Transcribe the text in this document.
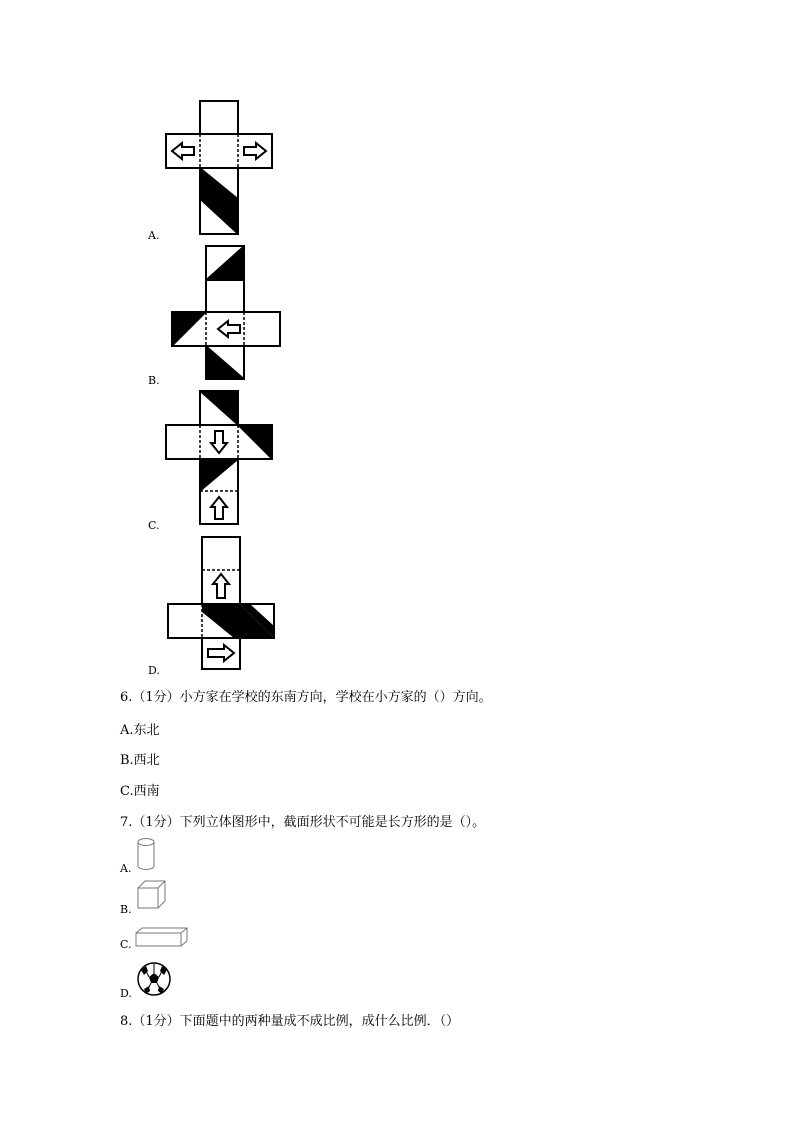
A.
B.
C.
D.
6.（1分）小方家在学校的东南方向，学校在小方家的（）方向。
A.东北
B.西北
C.西南
7.（1分）下列立体图形中，截面形状不可能是长方形的是（）。
A.
B.
C.
D.
8.（1分）下面题中的两种量成不成比例，成什么比例．（）
